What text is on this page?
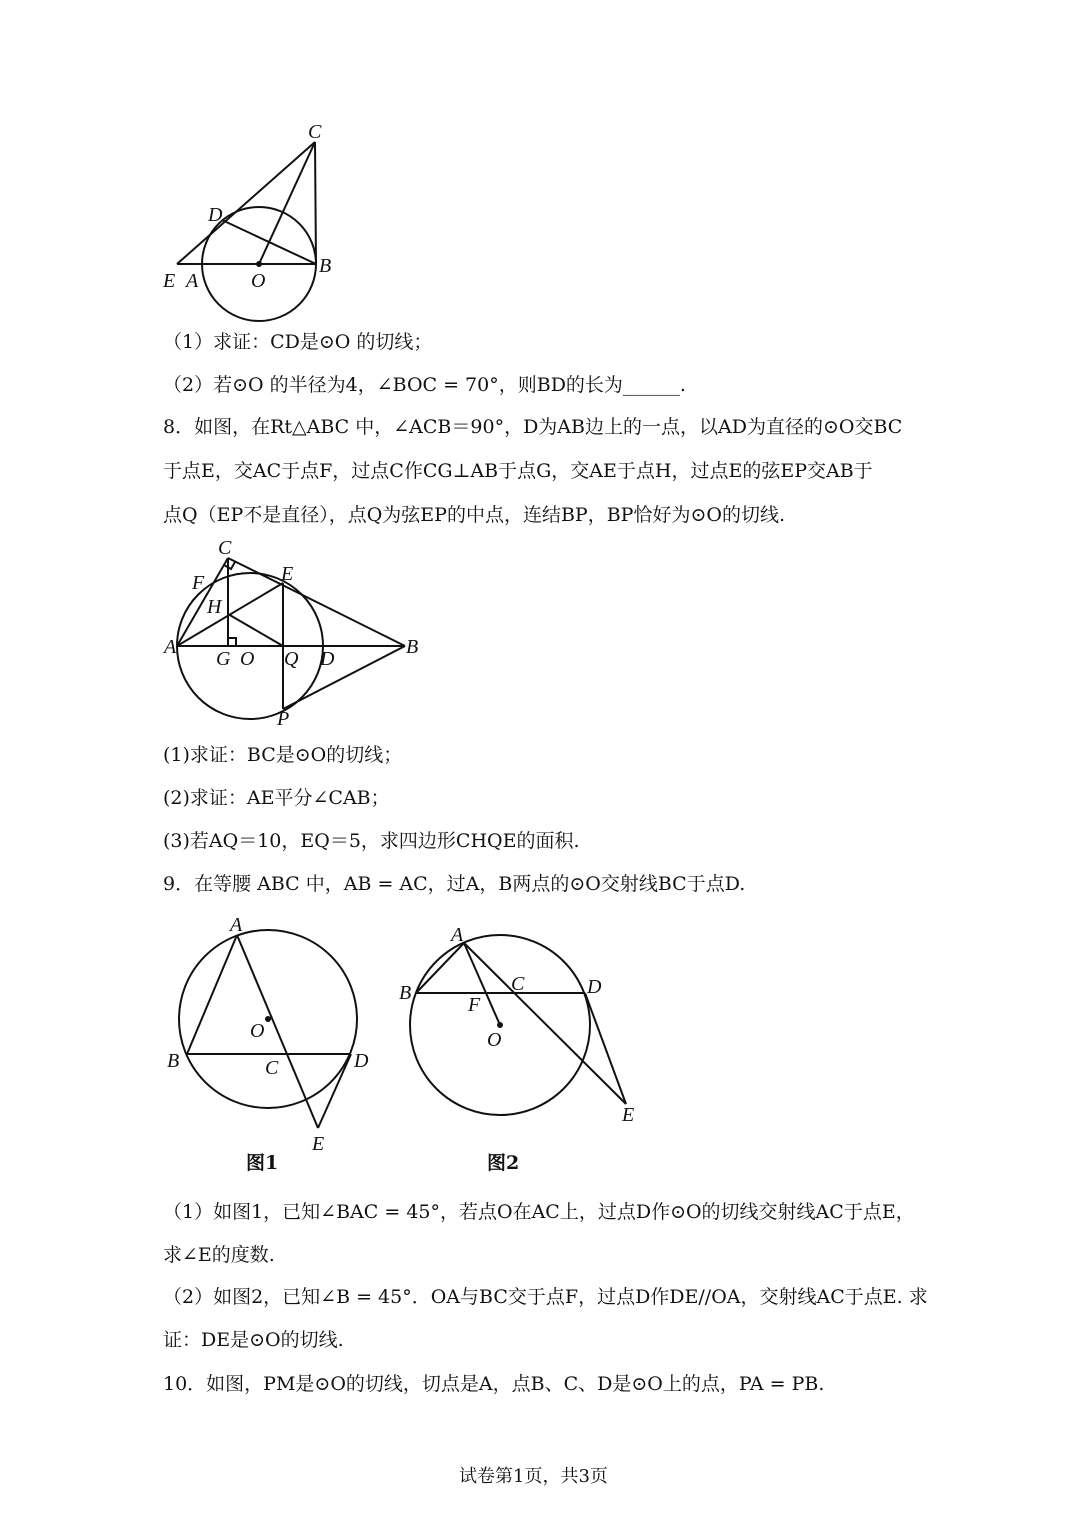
C
D
E A	O
B
（1）求证：CD是⊙O 的切线；
（2）若⊙O 的半径为4，∠BOC = 70°，则BD的长为______.
8．如图，在Rt△ABC 中，∠ACB＝90°，D为AB边上的一点，以AD为直径的⊙O交BC
于点E，交AC于点F，过点C作CG⊥AB于点G，交AE于点H，过点E的弦EP交AB于
点Q（EP不是直径），点Q为弦EP的中点，连结BP，BP恰好为⊙O的切线.
C
F	E
H
A
G O Q D
B
P
(1)求证：BC是⊙O的切线；
(2)求证：AE平分∠CAB；
(3)若AQ＝10，EQ＝5，求四边形CHQE的面积.
9．在等腰 ABC 中，AB = AC，过A，B两点的⊙O交射线BC于点D.
A
O
B	C	D
E
图1
A
B	C	D
F
O
E
图2
（1）如图1，已知∠BAC = 45°，若点O在AC上，过点D作⊙O的切线交射线AC于点E，
求∠E的度数.
（2）如图2，已知∠B = 45°．OA与BC交于点F，过点D作DE//OA，交射线AC于点E. 求
证：DE是⊙O的切线.
10．如图，PM是⊙O的切线，切点是A，点B、C、D是⊙O上的点，PA = PB.
试卷第1页，共3页
